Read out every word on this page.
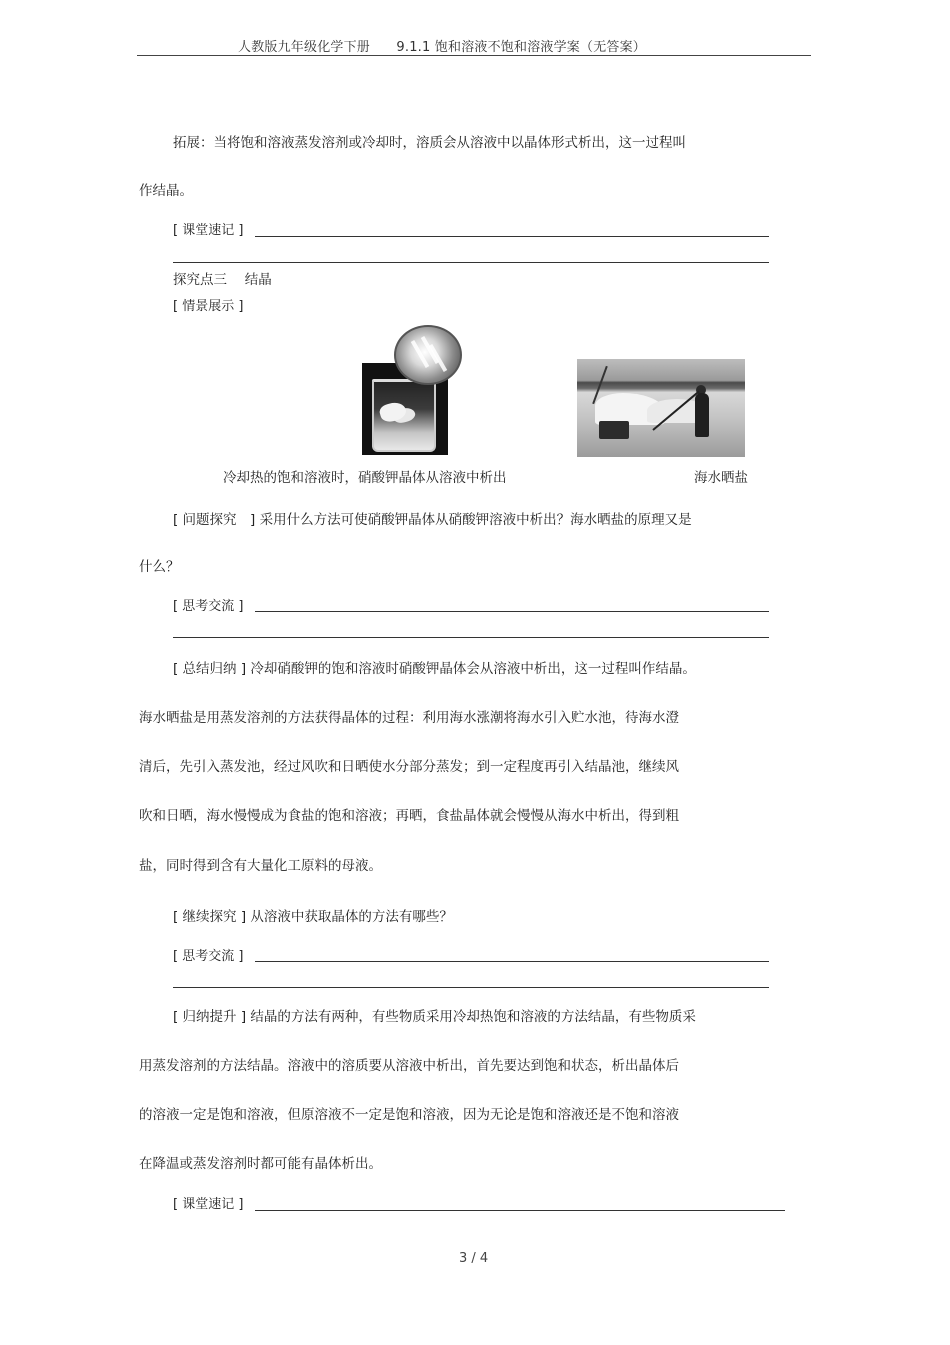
人教版九年级化学下册　　9.1.1 饱和溶液不饱和溶液学案（无答案）
拓展：当将饱和溶液蒸发溶剂或冷却时，溶质会从溶液中以晶体形式析出，这一过程叫
作结晶。
[ 课堂速记 ]
探究点三　 结晶
[ 情景展示 ]
冷却热的饱和溶液时，硝酸钾晶体从溶液中析出	海水晒盐
[ 问题探究　] 采用什么方法可使硝酸钾晶体从硝酸钾溶液中析出？海水晒盐的原理又是
什么？
[ 思考交流 ]
[ 总结归纳 ] 冷却硝酸钾的饱和溶液时硝酸钾晶体会从溶液中析出，这一过程叫作结晶。
海水晒盐是用蒸发溶剂的方法获得晶体的过程：利用海水涨潮将海水引入贮水池，待海水澄
清后，先引入蒸发池，经过风吹和日晒使水分部分蒸发；到一定程度再引入结晶池，继续风
吹和日晒，海水慢慢成为食盐的饱和溶液；再晒，食盐晶体就会慢慢从海水中析出，得到粗
盐，同时得到含有大量化工原料的母液。
[ 继续探究 ] 从溶液中获取晶体的方法有哪些？
[ 思考交流 ]
[ 归纳提升 ] 结晶的方法有两种，有些物质采用冷却热饱和溶液的方法结晶，有些物质采
用蒸发溶剂的方法结晶。溶液中的溶质要从溶液中析出，首先要达到饱和状态，析出晶体后
的溶液一定是饱和溶液，但原溶液不一定是饱和溶液，因为无论是饱和溶液还是不饱和溶液
在降温或蒸发溶剂时都可能有晶体析出。
[ 课堂速记 ]
3 / 4
